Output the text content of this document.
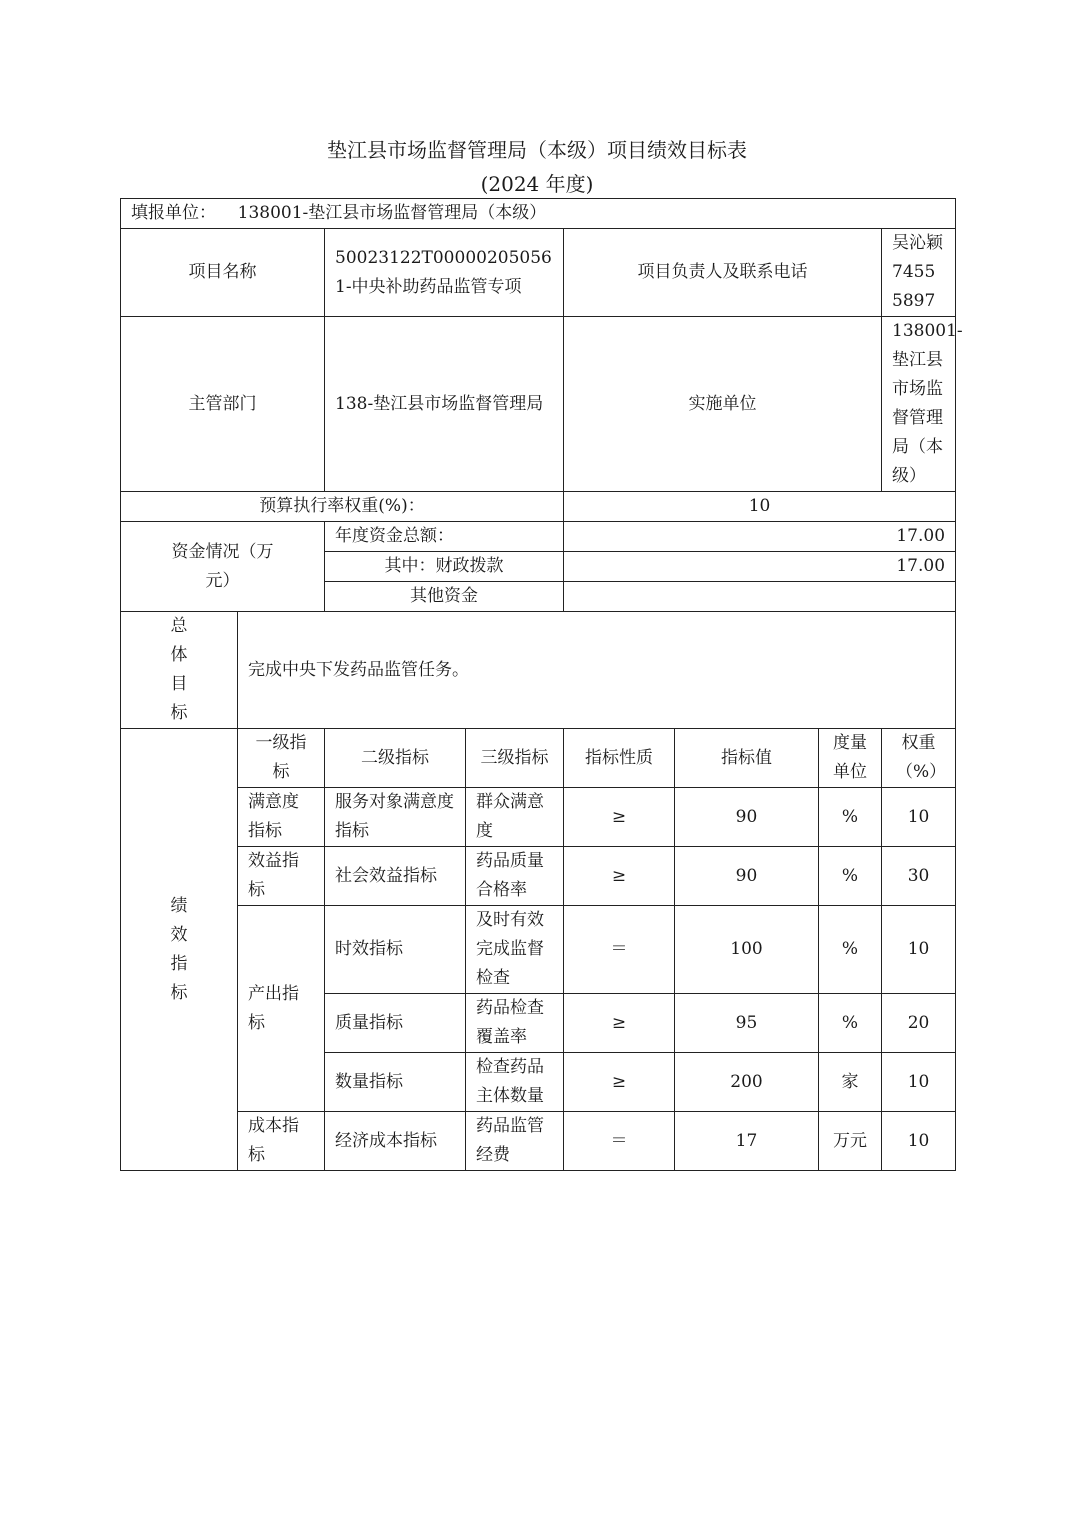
垫江县市场监督管理局（本级）项目绩效目标表
(2024 年度)
填报单位： 138001-垫江县市场监督管理局（本级）							
项目名称		50023122T000002050561-中央补助药品监管专项		项目负责人及联系电话			吴沁颖74555897
主管部门		138-垫江县市场监督管理局		实施单位			138001-垫江县市场监督管理局（本级）
预算执行率权重(%)：				10			
资金情况（万元）		年度资金总额：		17.00			
		其中：财政拨款		17.00			
		其他资金					
总体目标	完成中央下发药品监管任务。						
绩效指标	一级指标	二级指标	三级指标	指标性质	指标值	度量单位	权重（%）
	满意度指标	服务对象满意度指标	群众满意度	≥	90	%	10
	效益指标	社会效益指标	药品质量合格率	≥	90	%	30
	产出指标	时效指标	及时有效完成监督检查	＝	100	%	10
		质量指标	药品检查覆盖率	≥	95	%	20
		数量指标	检查药品主体数量	≥	200	家	10
	成本指标	经济成本指标	药品监管经费	＝	17	万元	10
